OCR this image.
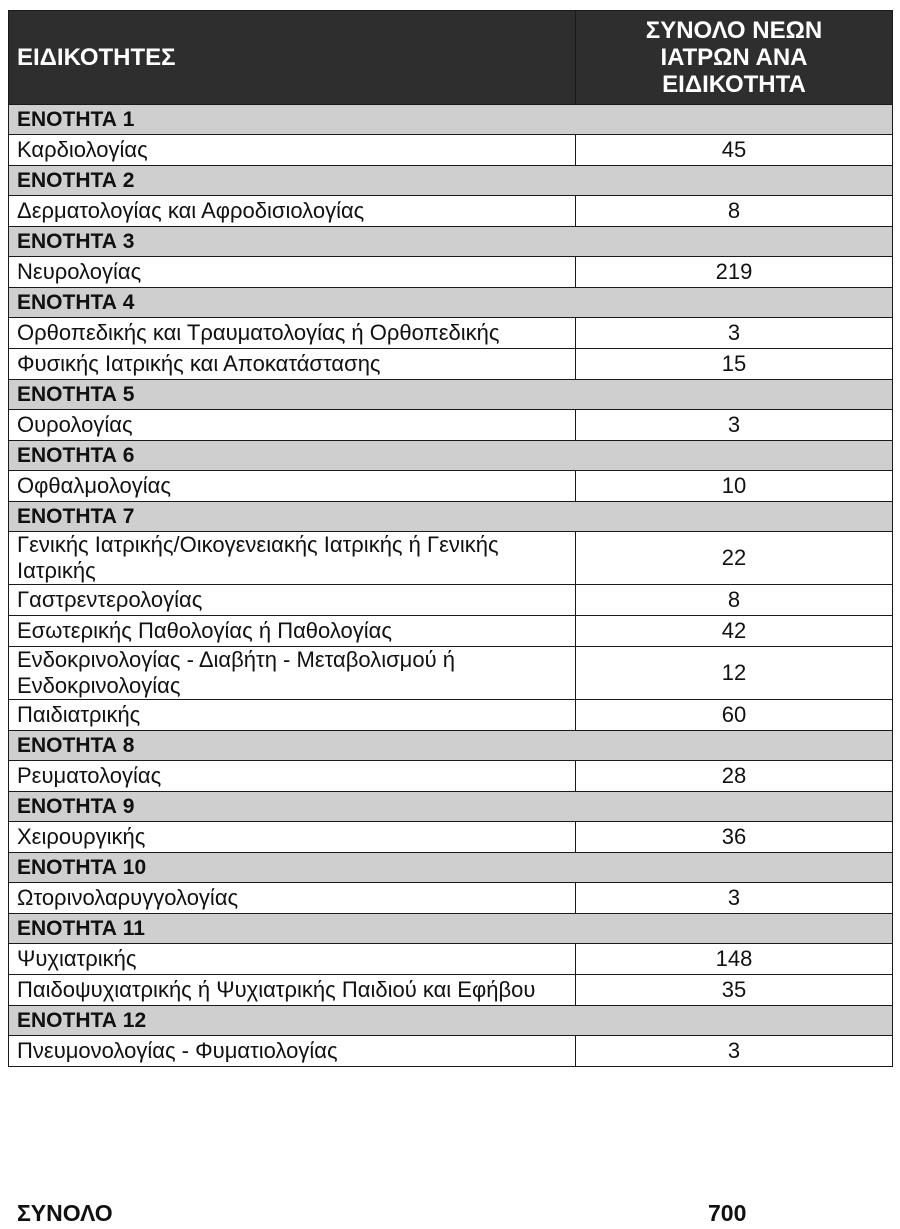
ΕΙΔΙΚΟΤΗΤΕΣ	ΣΥΝΟΛΟ ΝΕΩΝ
ΙΑΤΡΩΝ ΑΝΑ
ΕΙΔΙΚΟΤΗΤΑ

ΕΝΟΤΗΤΑ 1	
Καρδιολογίας	45
ΕΝΟΤΗΤΑ 2	
Δερματολογίας και Αφροδισιολογίας	8
ΕΝΟΤΗΤΑ 3	
Νευρολογίας	219
ΕΝΟΤΗΤΑ 4	
Ορθοπεδικής και Τραυματολογίας ή Ορθοπεδικής	3
Φυσικής Ιατρικής και Αποκατάστασης	15
ΕΝΟΤΗΤΑ 5	
Ουρολογίας	3
ΕΝΟΤΗΤΑ 6	
Οφθαλμολογίας	10
ΕΝΟΤΗΤΑ 7	
Γενικής Ιατρικής/Οικογενειακής Ιατρικής ή Γενικής Ιατρικής	22
Γαστρεντερολογίας	8
Εσωτερικής Παθολογίας ή Παθολογίας	42
Ενδοκρινολογίας - Διαβήτη - Μεταβολισμού ή Ενδοκρινολογίας	12
Παιδιατρικής	60
ΕΝΟΤΗΤΑ 8	
Ρευματολογίας	28
ΕΝΟΤΗΤΑ 9	
Χειρουργικής	36
ΕΝΟΤΗΤΑ 10	
Ωτορινολαρυγγολογίας	3
ΕΝΟΤΗΤΑ 11	
Ψυχιατρικής	148
Παιδοψυχιατρικής ή Ψυχιατρικής Παιδιού και Εφήβου	35
ΕΝΟΤΗΤΑ 12	
Πνευμονολογίας - Φυματιολογίας	3
ΣΥΝΟΛΟ	700
